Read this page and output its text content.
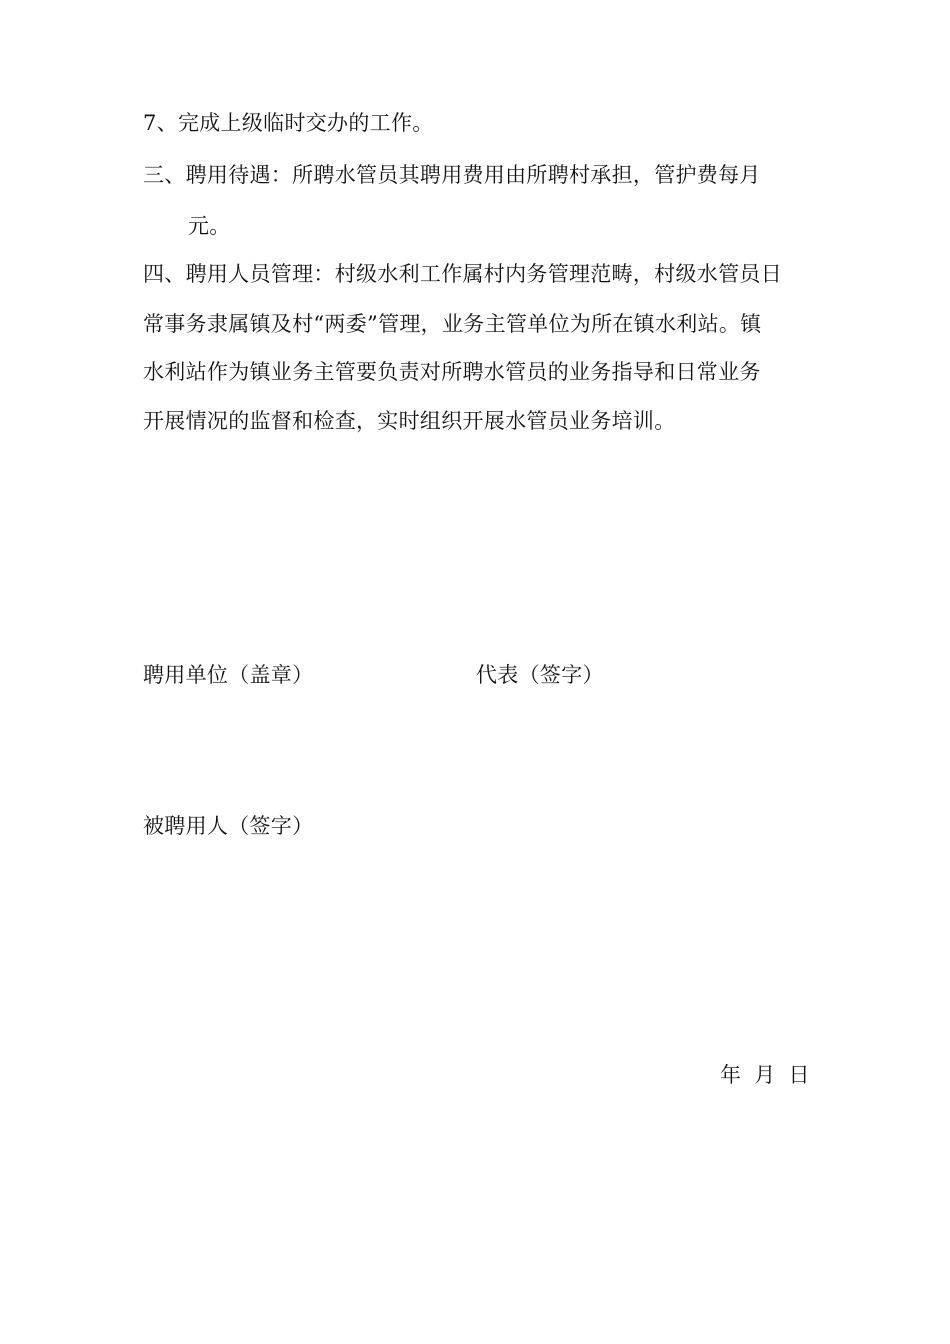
7、完成上级临时交办的工作。
三、聘用待遇：所聘水管员其聘用费用由所聘村承担，管护费每月
元。
四、聘用人员管理：村级水利工作属村内务管理范畴，村级水管员日
常事务隶属镇及村“两委”管理，业务主管单位为所在镇水利站。镇
水利站作为镇业务主管要负责对所聘水管员的业务指导和日常业务
开展情况的监督和检查，实时组织开展水管员业务培训。
聘用单位（盖章）	代表（签字）
被聘用人（签字）
年 月 日
